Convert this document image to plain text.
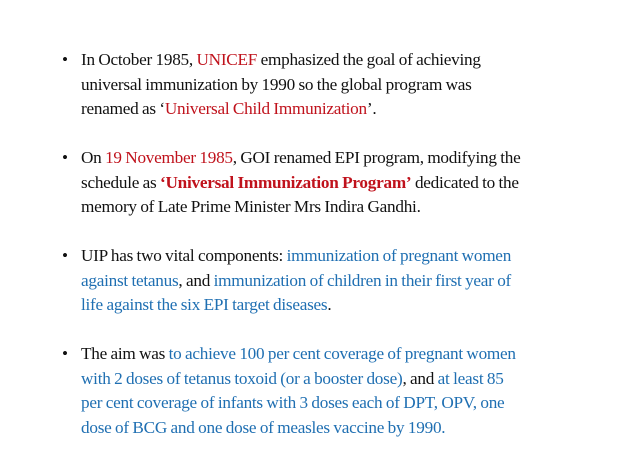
• In October 1985, UNICEF emphasized the goal of achieving
universal immunization by 1990 so the global program was
renamed as ‘Universal Child Immunization’.
• On 19 November 1985, GOI renamed EPI program, modifying the
schedule as ‘Universal Immunization Program’ dedicated to the
memory of Late Prime Minister Mrs Indira Gandhi.
• UIP has two vital components: immunization of pregnant women
against tetanus, and immunization of children in their first year of
life against the six EPI target diseases.
• The aim was to achieve 100 per cent coverage of pregnant women
with 2 doses of tetanus toxoid (or a booster dose), and at least 85
per cent coverage of infants with 3 doses each of DPT, OPV, one
dose of BCG and one dose of measles vaccine by 1990.
